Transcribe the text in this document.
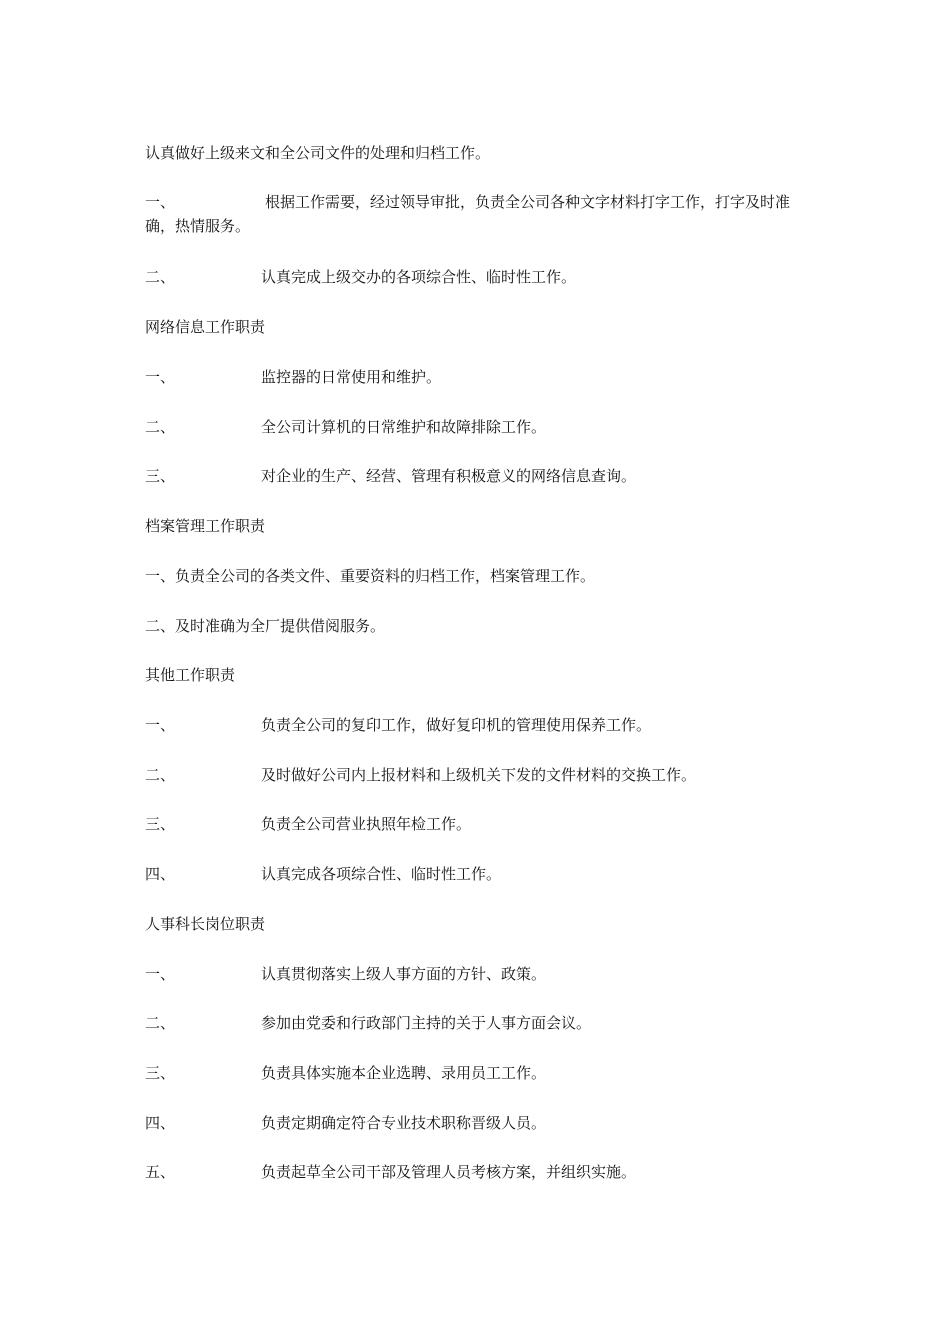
认真做好上级来文和全公司文件的处理和归档工作。
一、	根据工作需要，经过领导审批，负责全公司各种文字材料打字工作，打字及时准确，热情服务。
二、	认真完成上级交办的各项综合性、临时性工作。
网络信息工作职责
一、	监控器的日常使用和维护。
二、	全公司计算机的日常维护和故障排除工作。
三、	对企业的生产、经营、管理有积极意义的网络信息查询。
档案管理工作职责
一、负责全公司的各类文件、重要资料的归档工作，档案管理工作。
二、及时准确为全厂提供借阅服务。
其他工作职责
一、	负责全公司的复印工作，做好复印机的管理使用保养工作。
二、	及时做好公司内上报材料和上级机关下发的文件材料的交换工作。
三、	负责全公司营业执照年检工作。
四、	认真完成各项综合性、临时性工作。
人事科长岗位职责
一、	认真贯彻落实上级人事方面的方针、政策。
二、	参加由党委和行政部门主持的关于人事方面会议。
三、	负责具体实施本企业选聘、录用员工工作。
四、	负责定期确定符合专业技术职称晋级人员。
五、	负责起草全公司干部及管理人员考核方案，并组织实施。
